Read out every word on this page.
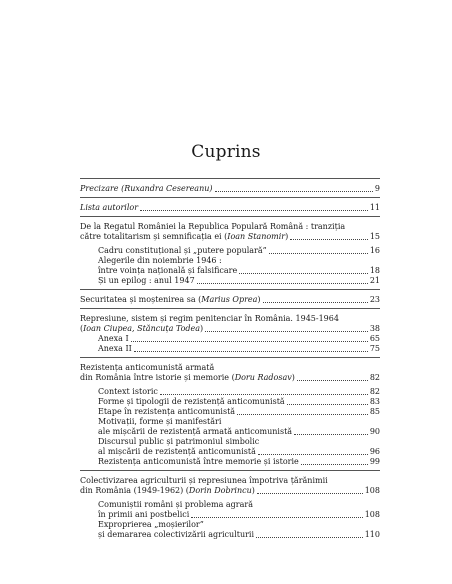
Cuprins
Precizare (Ruxandra Cesereanu)	9
Lista autorilor	11
De la Regatul României la Republica Populară Română : tranziția
către totalitarism și semnificația ei (Ioan Stanomir)	15
Cadru constituțional și „putere populară”	16
Alegerile din noiembrie 1946 :
între voința națională și falsificare	18
Și un epilog : anul 1947	21
Securitatea și moștenirea sa (Marius Oprea)	23
Represiune, sistem și regim penitenciar în România. 1945-1964
(Ioan Ciupea, Stăncuța Todea)	38
Anexa I	65
Anexa II	75
Rezistența anticomunistă armată
din România între istorie și memorie (Doru Radosav)	82
Context istoric	82
Forme și tipologii de rezistență anticomunistă	83
Etape în rezistența anticomunistă	85
Motivații, forme și manifestări
ale mișcării de rezistență armată anticomunistă	90
Discursul public și patrimoniul simbolic
al mișcării de rezistență anticomunistă	96
Rezistența anticomunistă între memorie și istorie	99
Colectivizarea agriculturii și represiunea împotriva țărănimii
din România (1949-1962) (Dorin Dobrincu)	108
Comuniștii români și problema agrară
în primii ani postbelici	108
Exproprierea „moșierilor”
și demararea colectivizării agriculturii	110
